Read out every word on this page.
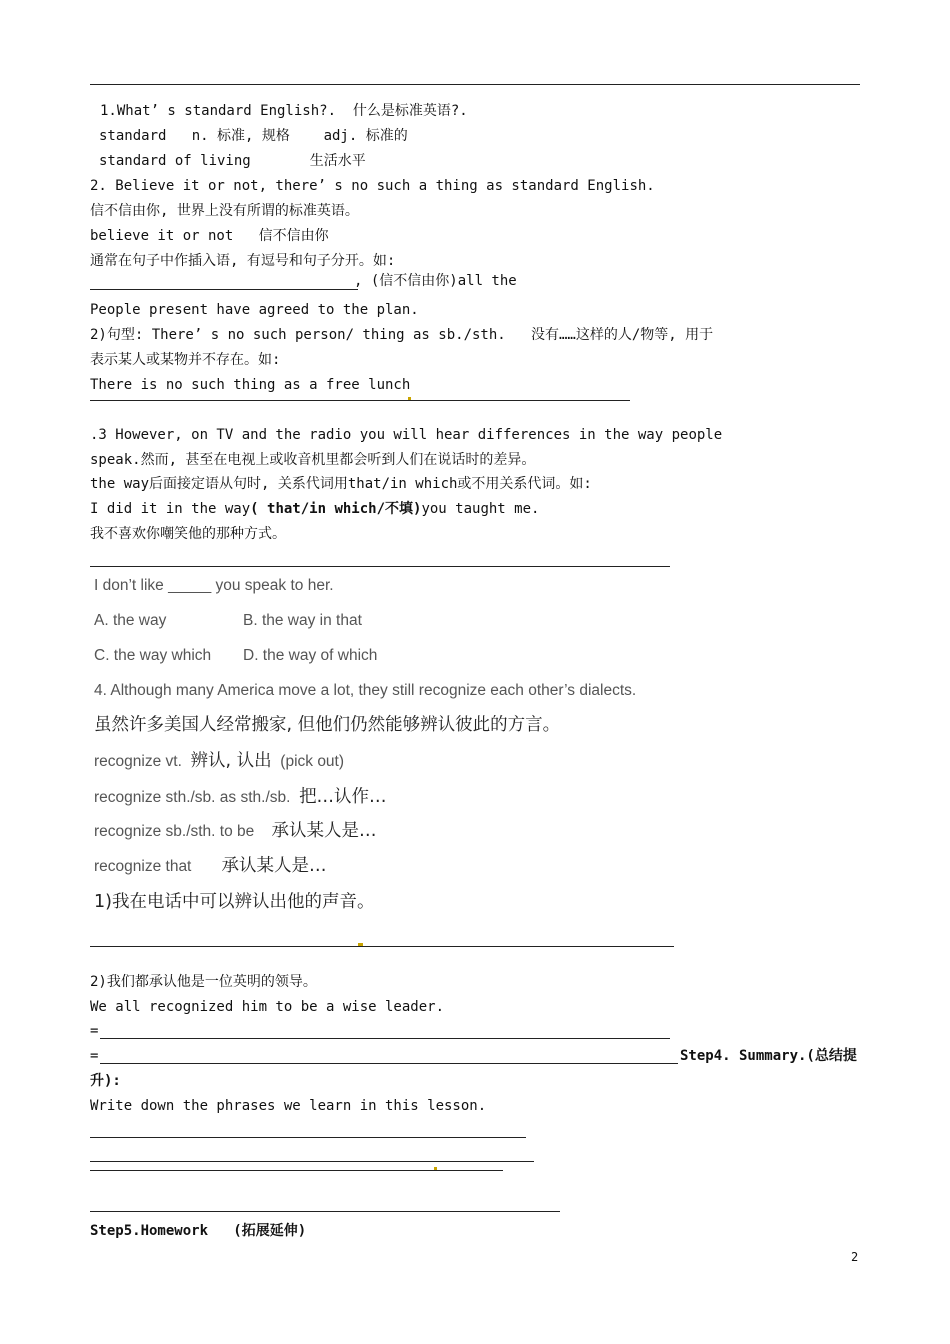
1.What’ s standard English?.  什么是标准英语?.
standard   n. 标准, 规格    adj. 标准的
standard of living       生活水平
2. Believe it or not, there’ s no such a thing as standard English.
信不信由你, 世界上没有所谓的标准英语。
believe it or not   信不信由你
通常在句子中作插入语, 有逗号和句子分开。如:
, (信不信由你)all the
People present have agreed to the plan.
2)句型: There’ s no such person/ thing as sb./sth.   没有……这样的人/物等, 用于
表示某人或某物并不存在。如:
There is no such thing as a free lunch
.3 However, on TV and the radio you will hear differences in the way people
speak.然而, 甚至在电视上或收音机里都会听到人们在说话时的差异。
the way后面接定语从句时, 关系代词用that/in which或不用关系代词。如:
I did it in the way( that/in which/不填)you taught me.
我不喜欢你嘲笑他的那种方式。
I don’t like _____ you speak to her.
A. the way	B. the way in that
C. the way which D. the way of which
4. Although many America move a lot, they still recognize each other’s dialects.
虽然许多美国人经常搬家, 但他们仍然能够辨认彼此的方言。
recognize vt. 辨认, 认出 (pick out)
recognize sth./sb. as sth./sb. 把…认作…
recognize sb./sth. to be 承认某人是…
recognize that 承认某人是…
1)我在电话中可以辨认出他的声音。
2)我们都承认他是一位英明的领导。
We all recognized him to be a wise leader.
=
=	Step4. Summary.(总结提
升):
Write down the phrases we learn in this lesson.
Step5.Homework   (拓展延伸)
2
